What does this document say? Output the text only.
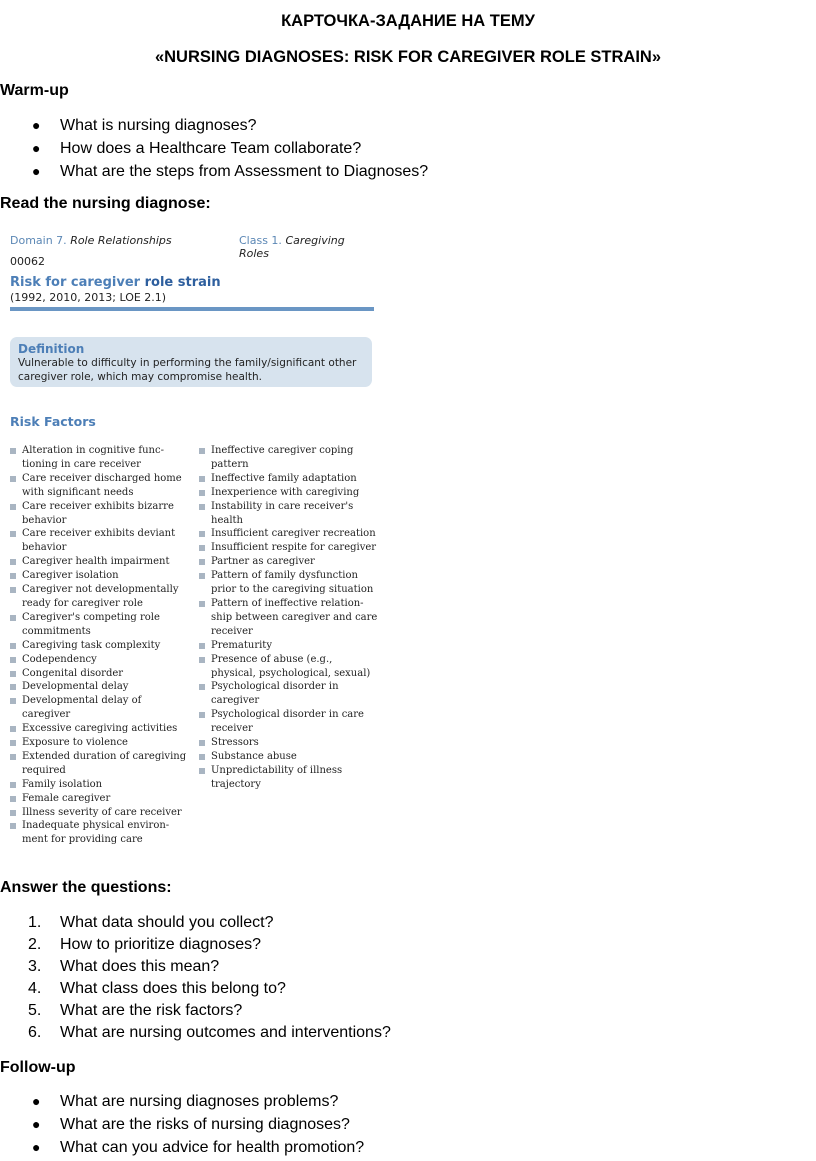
КАРТОЧКА-ЗАДАНИЕ НА ТЕМУ
«NURSING DIAGNOSES: RISK FOR CAREGIVER ROLE STRAIN»
Warm-up
● What is nursing diagnoses?
● How does a Healthcare Team collaborate?
● What are the steps from Assessment to Diagnoses?
Read the nursing diagnose:
Domain 7. Role Relationships	Class 1. Caregiving Roles
00062
Risk for caregiver role strain
(1992, 2010, 2013; LOE 2.1)
Definition
Vulnerable to difficulty in performing the family/significant other caregiver role, which may compromise health.
Risk Factors
Alteration in cognitive func-tioning in care receiver
Care receiver discharged home with significant needs
Care receiver exhibits bizarre behavior
Care receiver exhibits deviant behavior
Caregiver health impairment
Caregiver isolation
Caregiver not developmentally ready for caregiver role
Caregiver's competing role commitments
Caregiving task complexity
Codependency
Congenital disorder
Developmental delay
Developmental delay of caregiver
Excessive caregiving activities
Exposure to violence
Extended duration of caregiving required
Family isolation
Female caregiver
Illness severity of care receiver
Inadequate physical environ-ment for providing care
Ineffective caregiver coping pattern
Ineffective family adaptation
Inexperience with caregiving
Instability in care receiver's health
Insufficient caregiver recreation
Insufficient respite for caregiver
Partner as caregiver
Pattern of family dysfunction prior to the caregiving situation
Pattern of ineffective relation-ship between caregiver and care receiver
Prematurity
Presence of abuse (e.g., physical, psychological, sexual)
Psychological disorder in caregiver
Psychological disorder in care receiver
Stressors
Substance abuse
Unpredictability of illness trajectory
Answer the questions:
1. What data should you collect?
2. How to prioritize diagnoses?
3. What does this mean?
4. What class does this belong to?
5. What are the risk factors?
6. What are nursing outcomes and interventions?
Follow-up
● What are nursing diagnoses problems?
● What are the risks of nursing diagnoses?
● What can you advice for health promotion?
